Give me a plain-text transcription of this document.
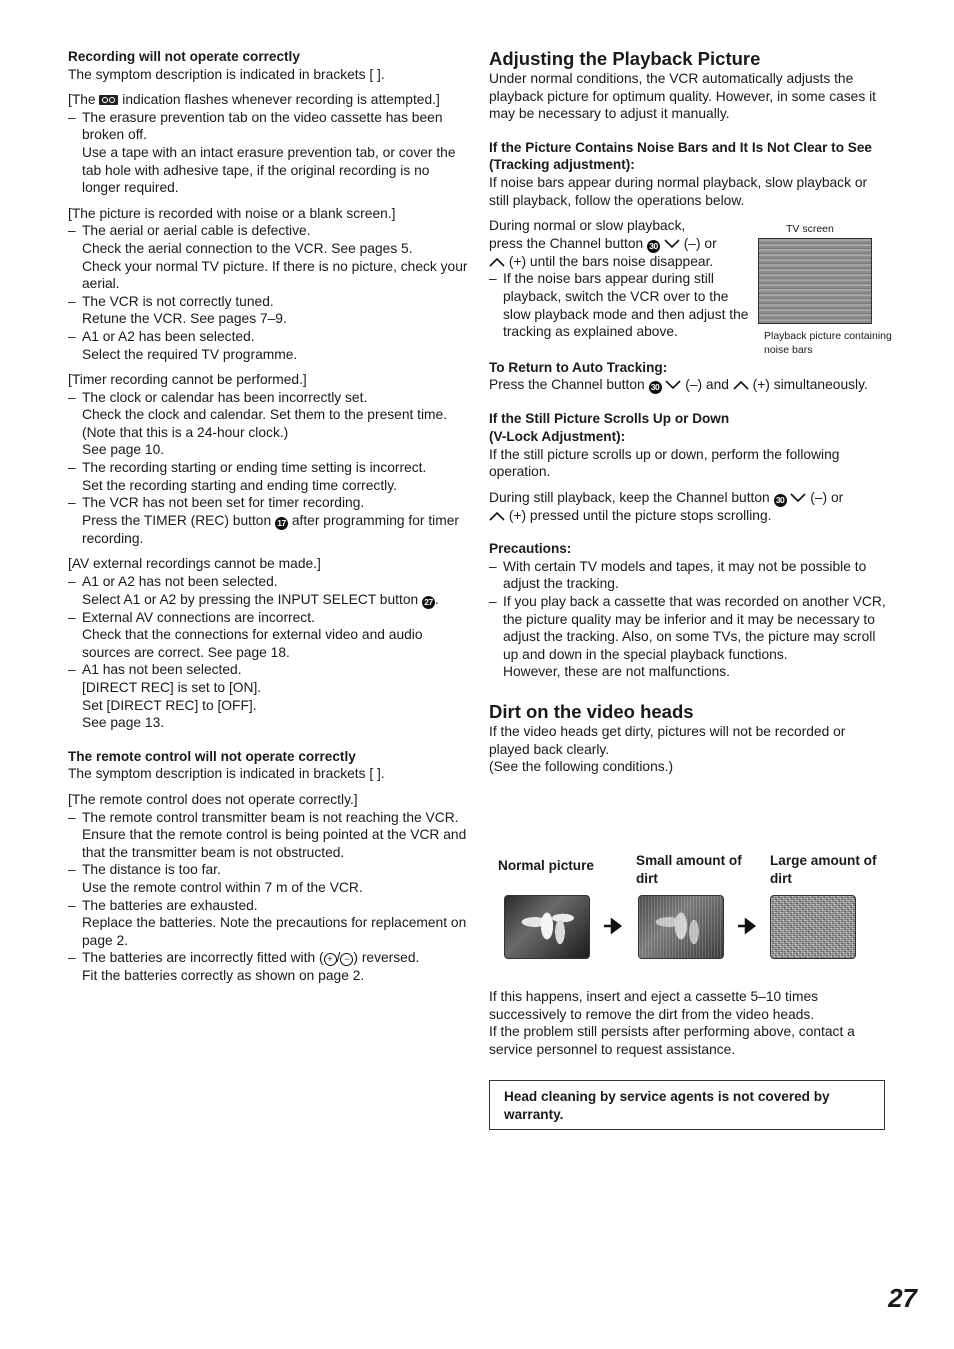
Recording will not operate correctly

The symptom description is indicated in brackets [ ].

[The indication flashes whenever recording is attempted.]

– The erasure prevention tab on the video cassette has been broken off.
Use a tape with an intact erasure prevention tab, or cover the tab hole with adhesive tape, if the original recording is no longer required.

[The picture is recorded with noise or a blank screen.]

– The aerial or aerial cable is defective.
Check the aerial connection to the VCR. See pages 5.
Check your normal TV picture. If there is no picture, check your aerial.
– The VCR is not correctly tuned.
Retune the VCR. See pages 7–9.
– A1 or A2 has been selected.
Select the required TV programme.

[Timer recording cannot be performed.]

– The clock or calendar has been incorrectly set.
Check the clock and calendar. Set them to the present time. (Note that this is a 24-hour clock.)
See page 10.
– The recording starting or ending time setting is incorrect.
Set the recording starting and ending time correctly.
– The VCR has not been set for timer recording.
Press the TIMER (REC) button 17 after programming for timer recording.

[AV external recordings cannot be made.]

– A1 or A2 has not been selected.
Select A1 or A2 by pressing the INPUT SELECT button 27 .
– External AV connections are incorrect.
Check that the connections for external video and audio sources are correct. See page 18.
– A1 has not been selected.
[DIRECT REC] is set to [ON].
Set [DIRECT REC] to [OFF].
See page 13.

The remote control will not operate correctly

The symptom description is indicated in brackets [ ].

[The remote control does not operate correctly.]

– The remote control transmitter beam is not reaching the VCR.
Ensure that the remote control is being pointed at the VCR and that the transmitter beam is not obstructed.
– The distance is too far.
Use the remote control within 7 m of the VCR.
– The batteries are exhausted.
Replace the batteries. Note the precautions for replacement on page 2.
– The batteries are incorrectly fitted with ( + / − ) reversed.
Fit the batteries correctly as shown on page 2.

Adjusting the Playback Picture

Under normal conditions, the VCR automatically adjusts the playback picture for optimum quality. However, in some cases it may be necessary to adjust it manually.

If the Picture Contains Noise Bars and It Is Not Clear to See (Tracking adjustment):

If noise bars appear during normal playback, slow playback or still playback, follow the operations below.

During normal or slow playback,
press the Channel button 30 (–) or
(+) until the bars noise disappear.

– If the noise bars appear during still playback, switch the VCR over to the slow playback mode and then adjust the tracking as explained above.

To Return to Auto Tracking:

Press the Channel button 30 (–) and (+) simultaneously.

If the Still Picture Scrolls Up or Down
(V-Lock Adjustment):

If the still picture scrolls up or down, perform the following operation.

During still playback, keep the Channel button 30 (–) or
(+) pressed until the picture stops scrolling.

Precautions:

– With certain TV models and tapes, it may not be possible to adjust the tracking.
– If you play back a cassette that was recorded on another VCR, the picture quality may be inferior and it may be necessary to adjust the tracking. Also, on some TVs, the picture may scroll up and down in the special playback functions.
However, these are not malfunctions.

Dirt on the video heads

If the video heads get dirty, pictures will not be recorded or played back clearly.

(See the following conditions.)

TV screen
Playback picture containing noise bars
Normal picture	Small amount of dirt
Large amount of dirt

If this happens, insert and eject a cassette 5–10 times successively to remove the dirt from the video heads.

If the problem still persists after performing above, contact a service personnel to request assistance.

Head cleaning by service agents is not covered by warranty.
27
